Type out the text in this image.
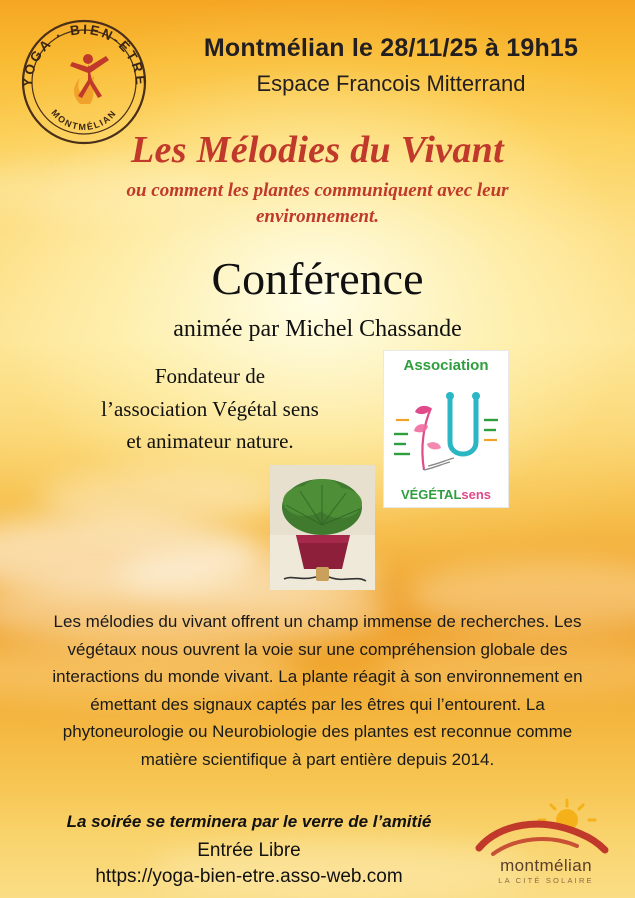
YOGA · BIEN-ÊTRE
MONTMÉLIAN
Montmélian le 28/11/25 à 19h15
Espace Francois Mitterrand
Les Mélodies du Vivant
ou comment les plantes communiquent avec leur environnement.
Conférence
animée par Michel Chassande
Fondateur de l’association Végétal sens et animateur nature.
Association
VÉGÉTALsens
Les mélodies du vivant offrent un champ immense de recherches. Les végétaux nous ouvrent la voie sur une compréhension globale des interactions du monde vivant. La plante réagit à son environnement en émettant des signaux captés par les êtres qui l’entourent. La phytoneurologie ou Neurobiologie des plantes est reconnue comme matière scientifique à part entière depuis 2014.
La soirée se terminera par le verre de l’amitié
Entrée Libre
https://yoga-bien-etre.asso-web.com
montmélian
LA CITÉ SOLAIRE
